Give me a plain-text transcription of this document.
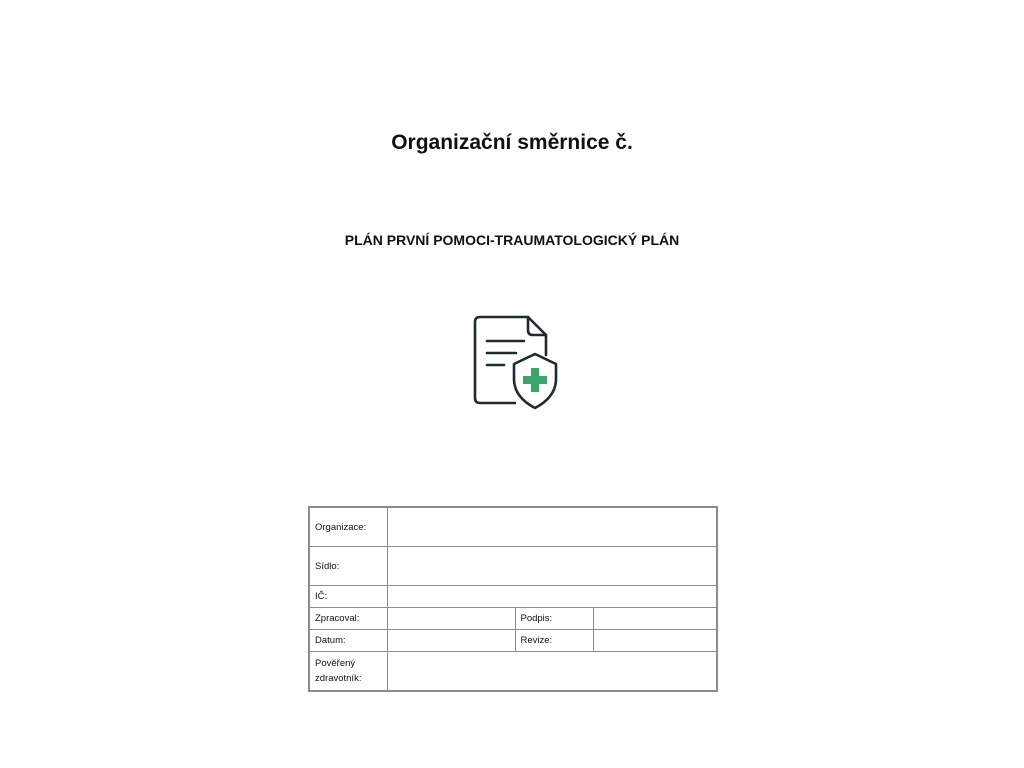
Organizační směrnice č.
PLÁN PRVNÍ POMOCI-TRAUMATOLOGICKÝ PLÁN
Organizace:			
Sídlo:			
IČ:			
Zpracoval:		Podpis:	
Datum:		Revize:	
Pověřený
zdravotník:			
